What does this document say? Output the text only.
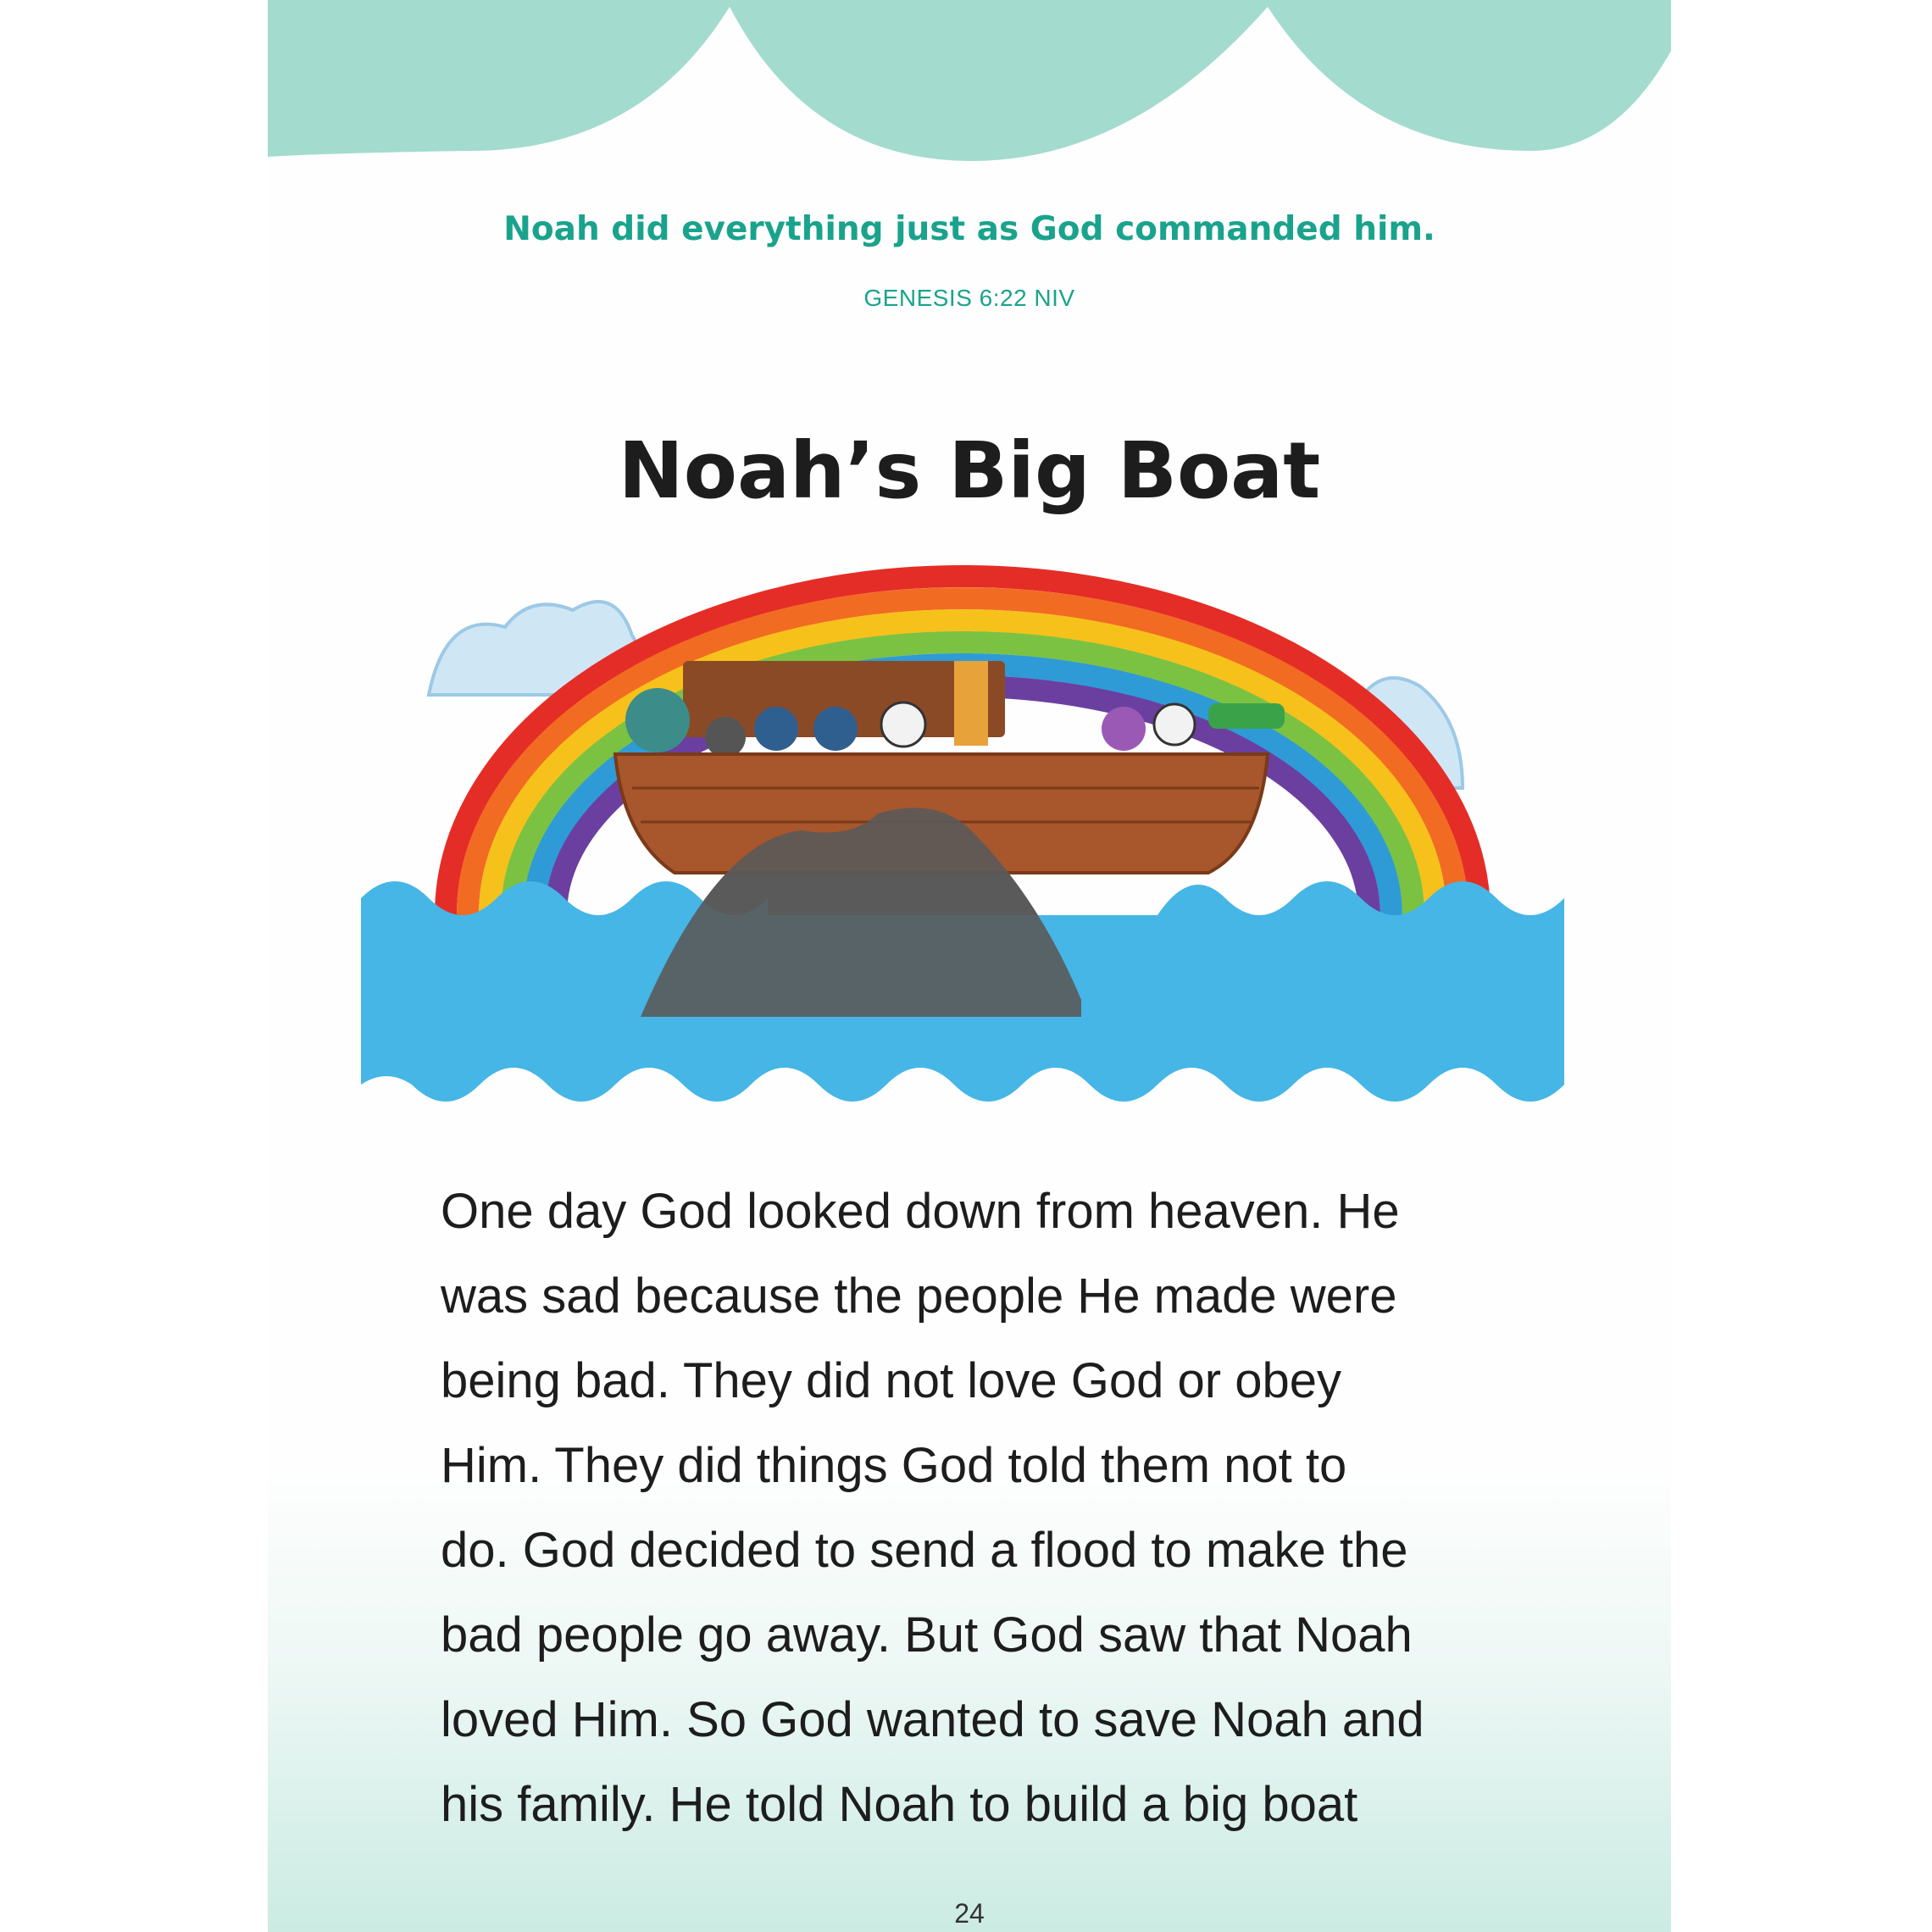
Noah did everything just as God commanded him.
GENESIS 6:22 NIV
Noah’s Big Boat

One day God looked down from heaven. He
was sad because the people He made were
being bad. They did not love God or obey
Him. They did things God told them not to
do. God decided to send a flood to make the
bad people go away. But God saw that Noah
loved Him. So God wanted to save Noah and
his family. He told Noah to build a big boat

24
